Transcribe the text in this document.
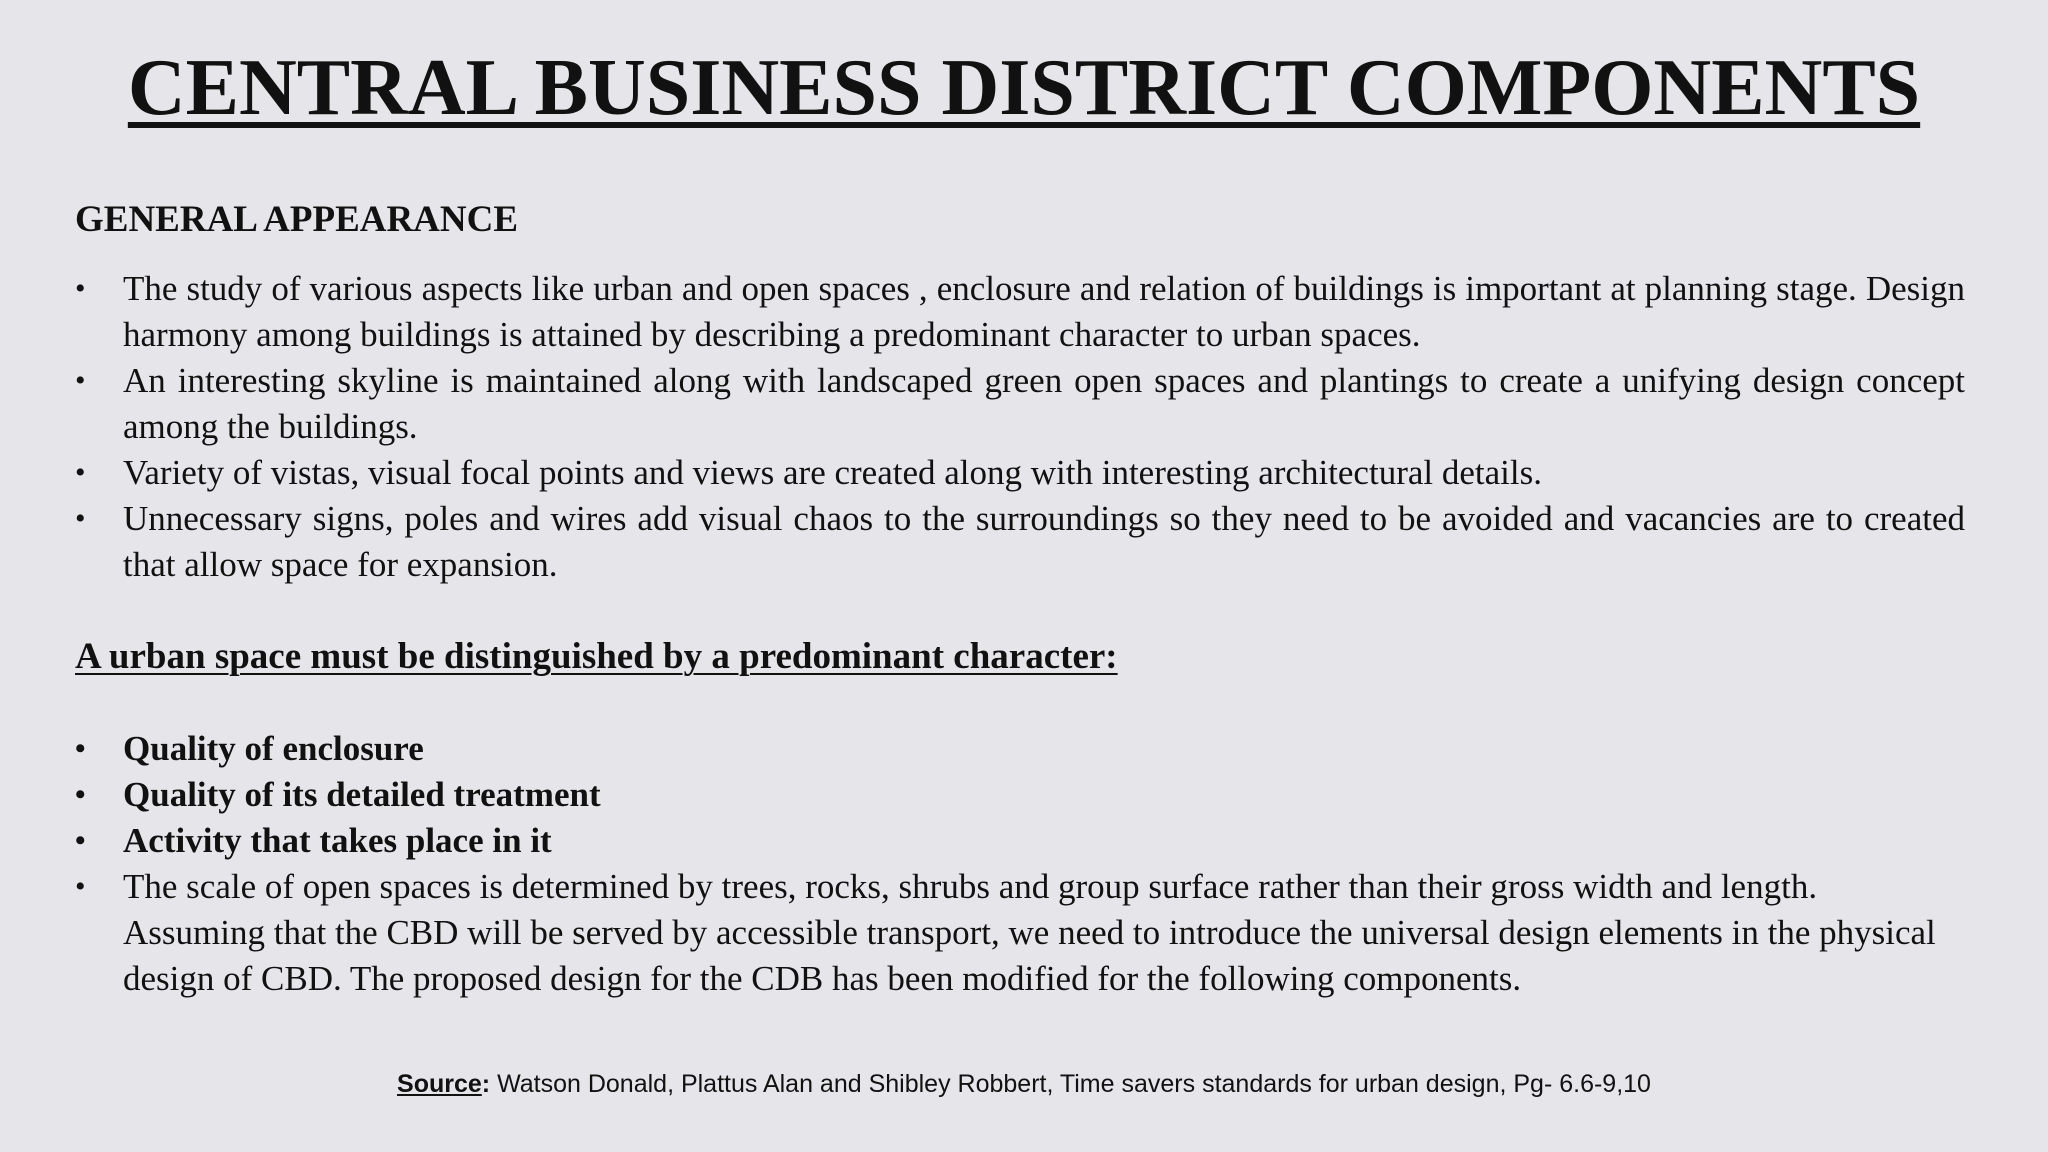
CENTRAL BUSINESS DISTRICT COMPONENTS
GENERAL APPEARANCE
•	The study of various aspects like urban and open spaces , enclosure and relation of buildings is important at planning stage. Design harmony among buildings is attained by describing a predominant character to urban spaces.
•	An interesting skyline is maintained along with landscaped green open spaces and plantings to create a unifying design concept among the buildings.
•	Variety of vistas, visual focal points and views are created along with interesting architectural details.
•	Unnecessary signs, poles and wires add visual chaos to the surroundings so they need to be avoided and vacancies are to created that allow space for expansion.
A urban space must be distinguished by a predominant character:
•	Quality of enclosure
•	Quality of its detailed treatment
•	Activity that takes place in it
•	The scale of open spaces is determined by trees, rocks, shrubs and group surface rather than their gross width and length. Assuming that the CBD will be served by accessible transport, we need to introduce the universal design elements in the physical design of CBD. The proposed design for the CDB has been modified for the following components.

Source: Watson Donald, Plattus Alan and Shibley Robbert, Time savers standards for urban design, Pg- 6.6-9,10
